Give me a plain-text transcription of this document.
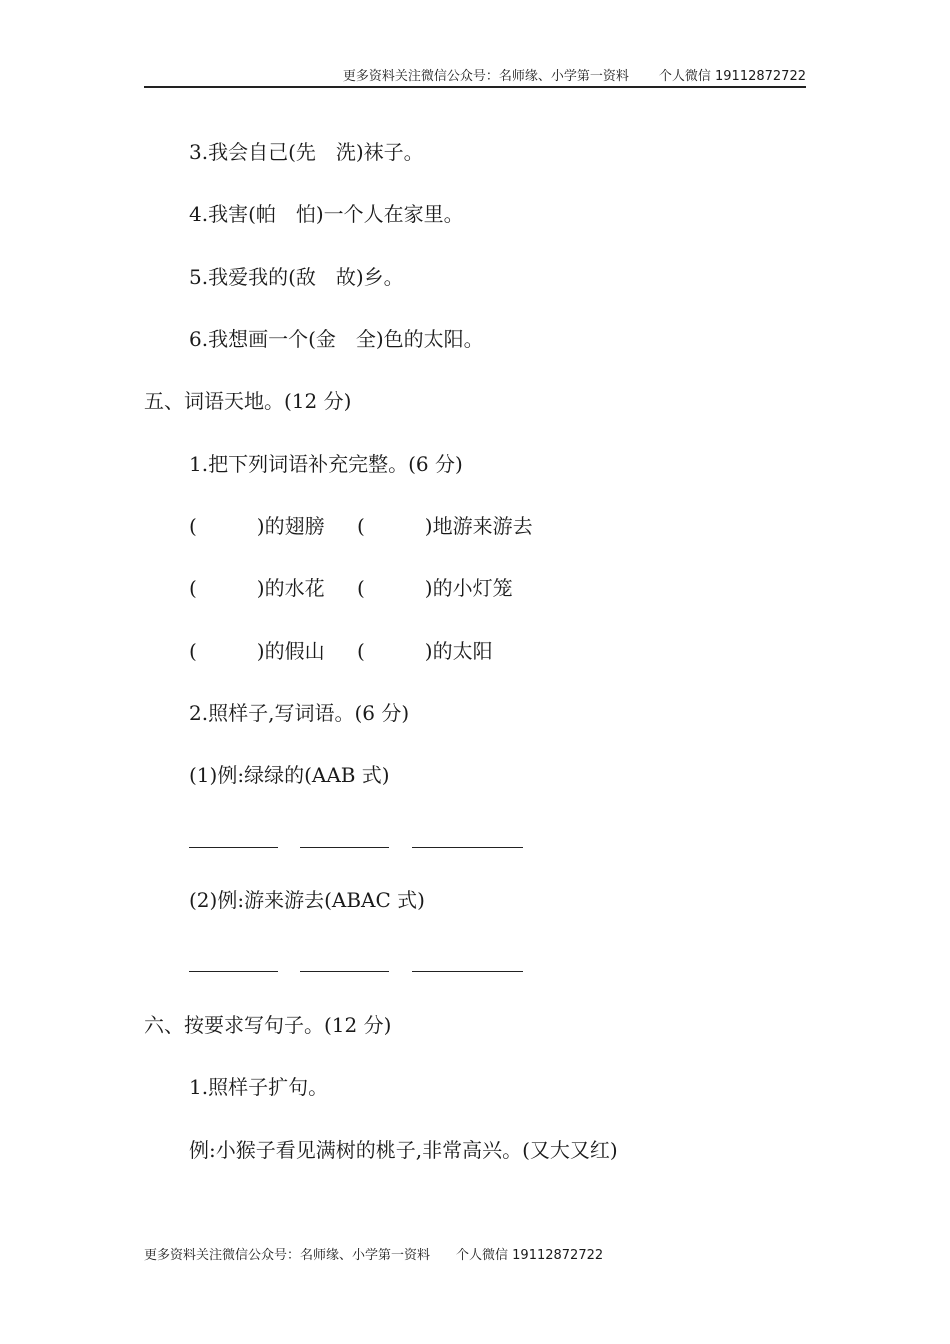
更多资料关注微信公众号：名师缘、小学第一资料 个人微信 19112872722
3.我会自己(先　洗)袜子。
4.我害(帕　怕)一个人在家里。
5.我爱我的(敌　故)乡。
6.我想画一个(金　全)色的太阳。
五、词语天地。(12 分)
1.把下列词语补充完整。(6 分)
(　　　)的翅膀 (　　　)地游来游去
(　　　)的水花 (　　　)的小灯笼
(　　　)的假山 (　　　)的太阳
2.照样子,写词语。(6 分)
(1)例:绿绿的(AAB 式)
(2)例:游来游去(ABAC 式)
六、按要求写句子。(12 分)
1.照样子扩句。
例:小猴子看见满树的桃子,非常高兴。(又大又红)
更多资料关注微信公众号：名师缘、小学第一资料 个人微信 19112872722
